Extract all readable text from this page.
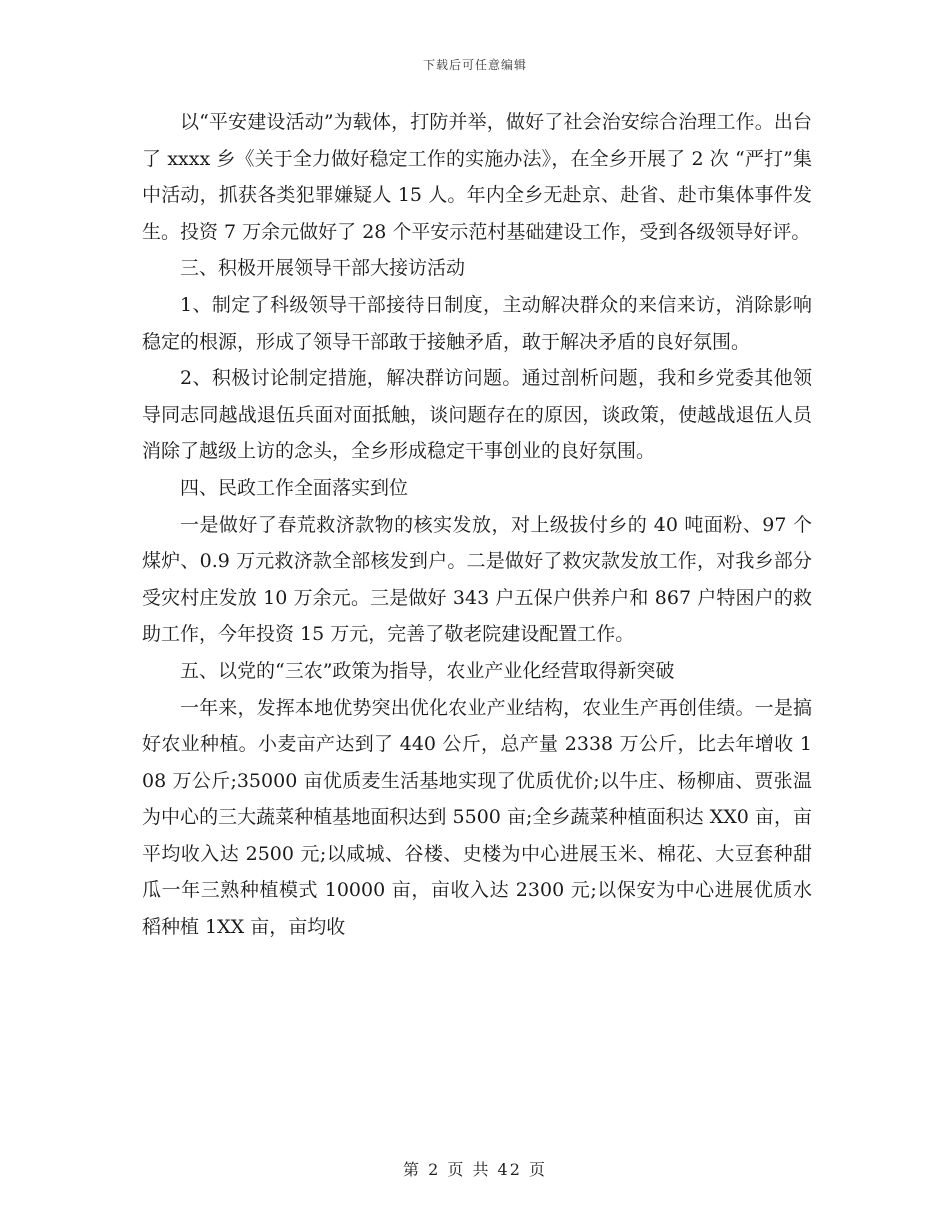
下载后可任意编辑

以“平安建设活动”为载体，打防并举，做好了社会治安综合治理工作。出台了 xxxx 乡《关于全力做好稳定工作的实施办法》，在全乡开展了 2 次 “严打”集中活动，抓获各类犯罪嫌疑人 15 人。年内全乡无赴京、赴省、赴市集体事件发生。投资 7 万余元做好了 28 个平安示范村基础建设工作，受到各级领导好评。

三、积极开展领导干部大接访活动

1、制定了科级领导干部接待日制度，主动解决群众的来信来访，消除影响稳定的根源，形成了领导干部敢于接触矛盾，敢于解决矛盾的良好氛围。

2、积极讨论制定措施，解决群访问题。通过剖析问题，我和乡党委其他领导同志同越战退伍兵面对面抵触，谈问题存在的原因，谈政策，使越战退伍人员消除了越级上访的念头，全乡形成稳定干事创业的良好氛围。

四、民政工作全面落实到位

一是做好了春荒救济款物的核实发放，对上级拔付乡的 40 吨面粉、97 个煤炉、0.9 万元救济款全部核发到户。二是做好了救灾款发放工作，对我乡部分受灾村庄发放 10 万余元。三是做好 343 户五保户供养户和 867 户特困户的救助工作，今年投资 15 万元，完善了敬老院建设配置工作。

五、以党的“三农”政策为指导，农业产业化经营取得新突破

一年来，发挥本地优势突出优化农业产业结构，农业生产再创佳绩。一是搞好农业种植。小麦亩产达到了 440 公斤，总产量 2338 万公斤，比去年增收 108 万公斤;35000 亩优质麦生活基地实现了优质优价;以牛庄、杨柳庙、贾张温为中心的三大蔬菜种植基地面积达到 5500 亩;全乡蔬菜种植面积达 XX0 亩，亩平均收入达 2500 元;以咸城、谷楼、史楼为中心进展玉米、棉花、大豆套种甜瓜一年三熟种植模式 10000 亩，亩收入达 2300 元;以保安为中心进展优质水稻种植 1XX 亩，亩均收

第 2 页 共 42 页
